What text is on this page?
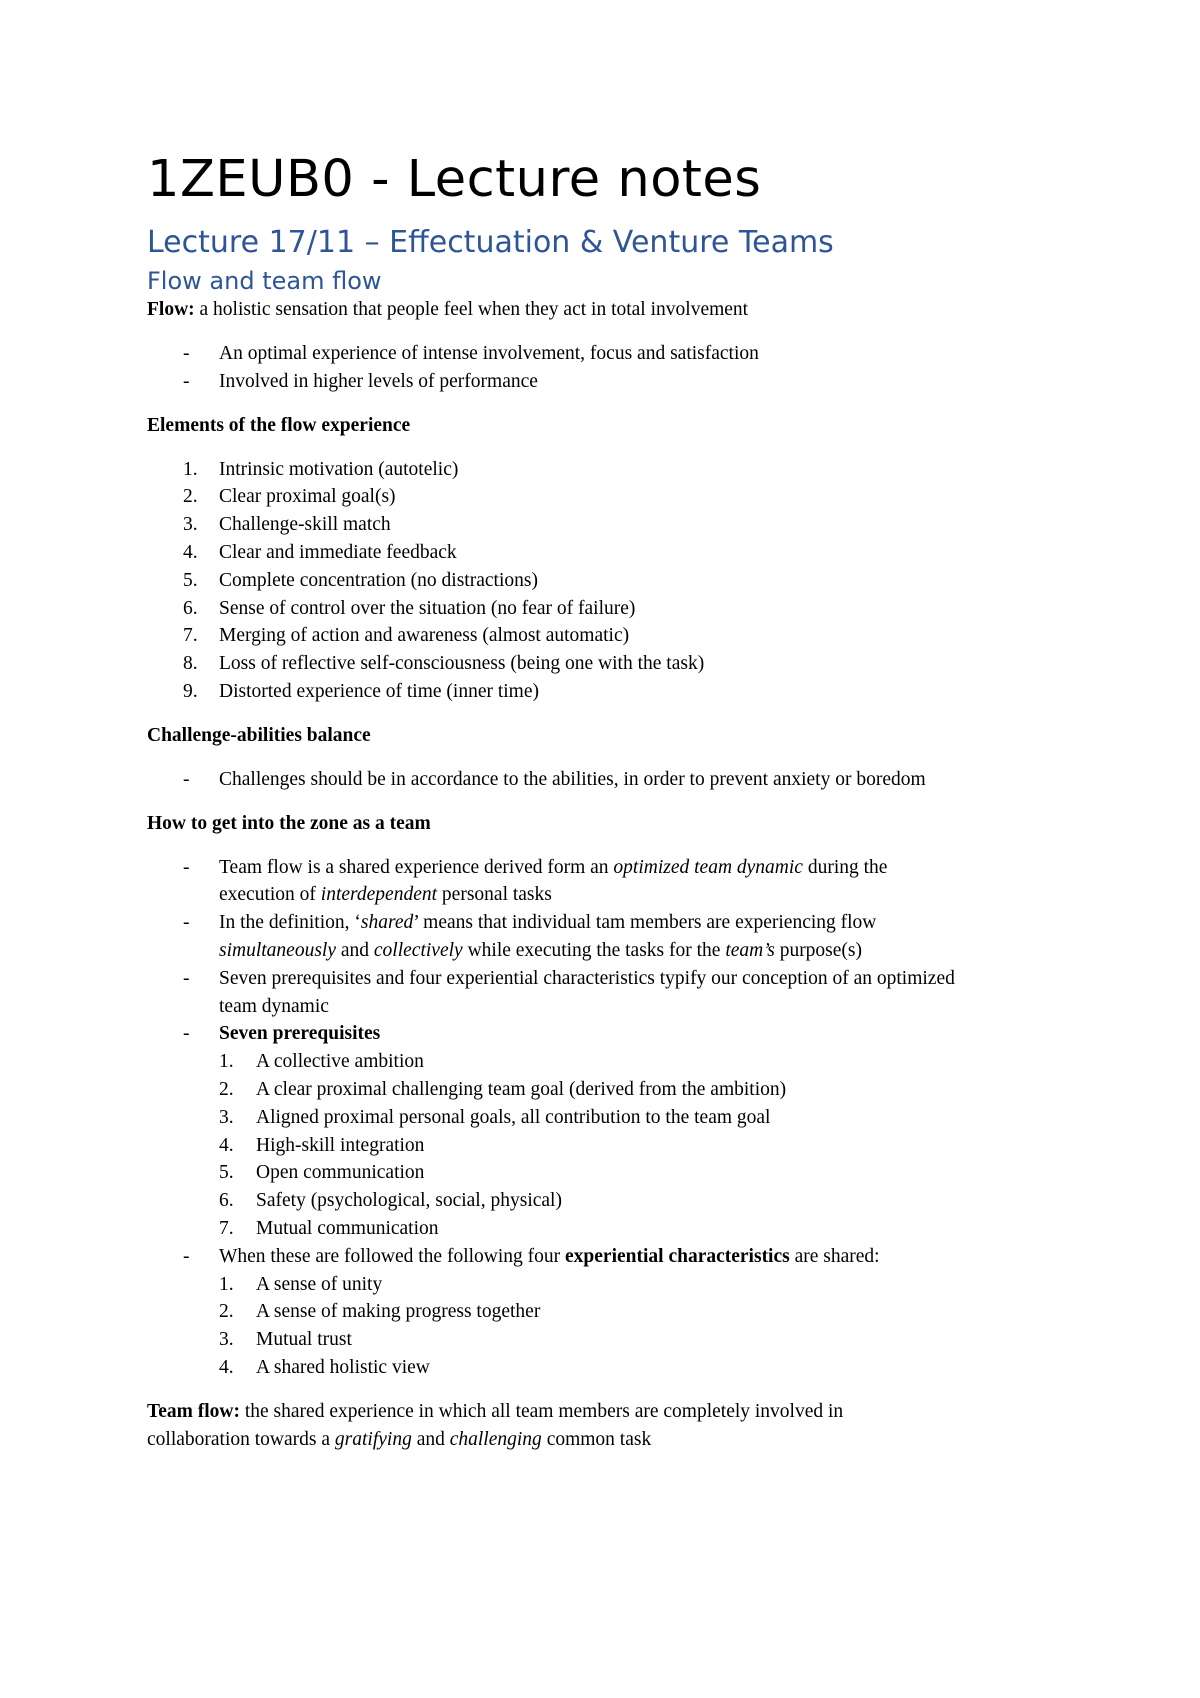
1ZEUB0 - Lecture notes
Lecture 17/11 – Effectuation & Venture Teams
Flow and team flow

Flow: a holistic sensation that people feel when they act in total involvement

-	An optimal experience of intense involvement, focus and satisfaction
-	Involved in higher levels of performance

Elements of the flow experience

1.	Intrinsic motivation (autotelic)
2.	Clear proximal goal(s)
3.	Challenge-skill match
4.	Clear and immediate feedback
5.	Complete concentration (no distractions)
6.	Sense of control over the situation (no fear of failure)
7.	Merging of action and awareness (almost automatic)
8.	Loss of reflective self-consciousness (being one with the task)
9.	Distorted experience of time (inner time)

Challenge-abilities balance

-	Challenges should be in accordance to the abilities, in order to prevent anxiety or boredom

How to get into the zone as a team

-	Team flow is a shared experience derived form an optimized team dynamic during the
execution of interdependent personal tasks
-	In the definition, ‘shared’ means that individual tam members are experiencing flow
simultaneously and collectively while executing the tasks for the team’s purpose(s)
-	Seven prerequisites and four experiential characteristics typify our conception of an optimized
team dynamic
-	Seven prerequisites
1.	A collective ambition
2.	A clear proximal challenging team goal (derived from the ambition)
3.	Aligned proximal personal goals, all contribution to the team goal
4.	High-skill integration
5.	Open communication
6.	Safety (psychological, social, physical)
7.	Mutual communication
-	When these are followed the following four experiential characteristics are shared:
1.	A sense of unity
2.	A sense of making progress together
3.	Mutual trust
4.	A shared holistic view

Team flow: the shared experience in which all team members are completely involved in
collaboration towards a gratifying and challenging common task
